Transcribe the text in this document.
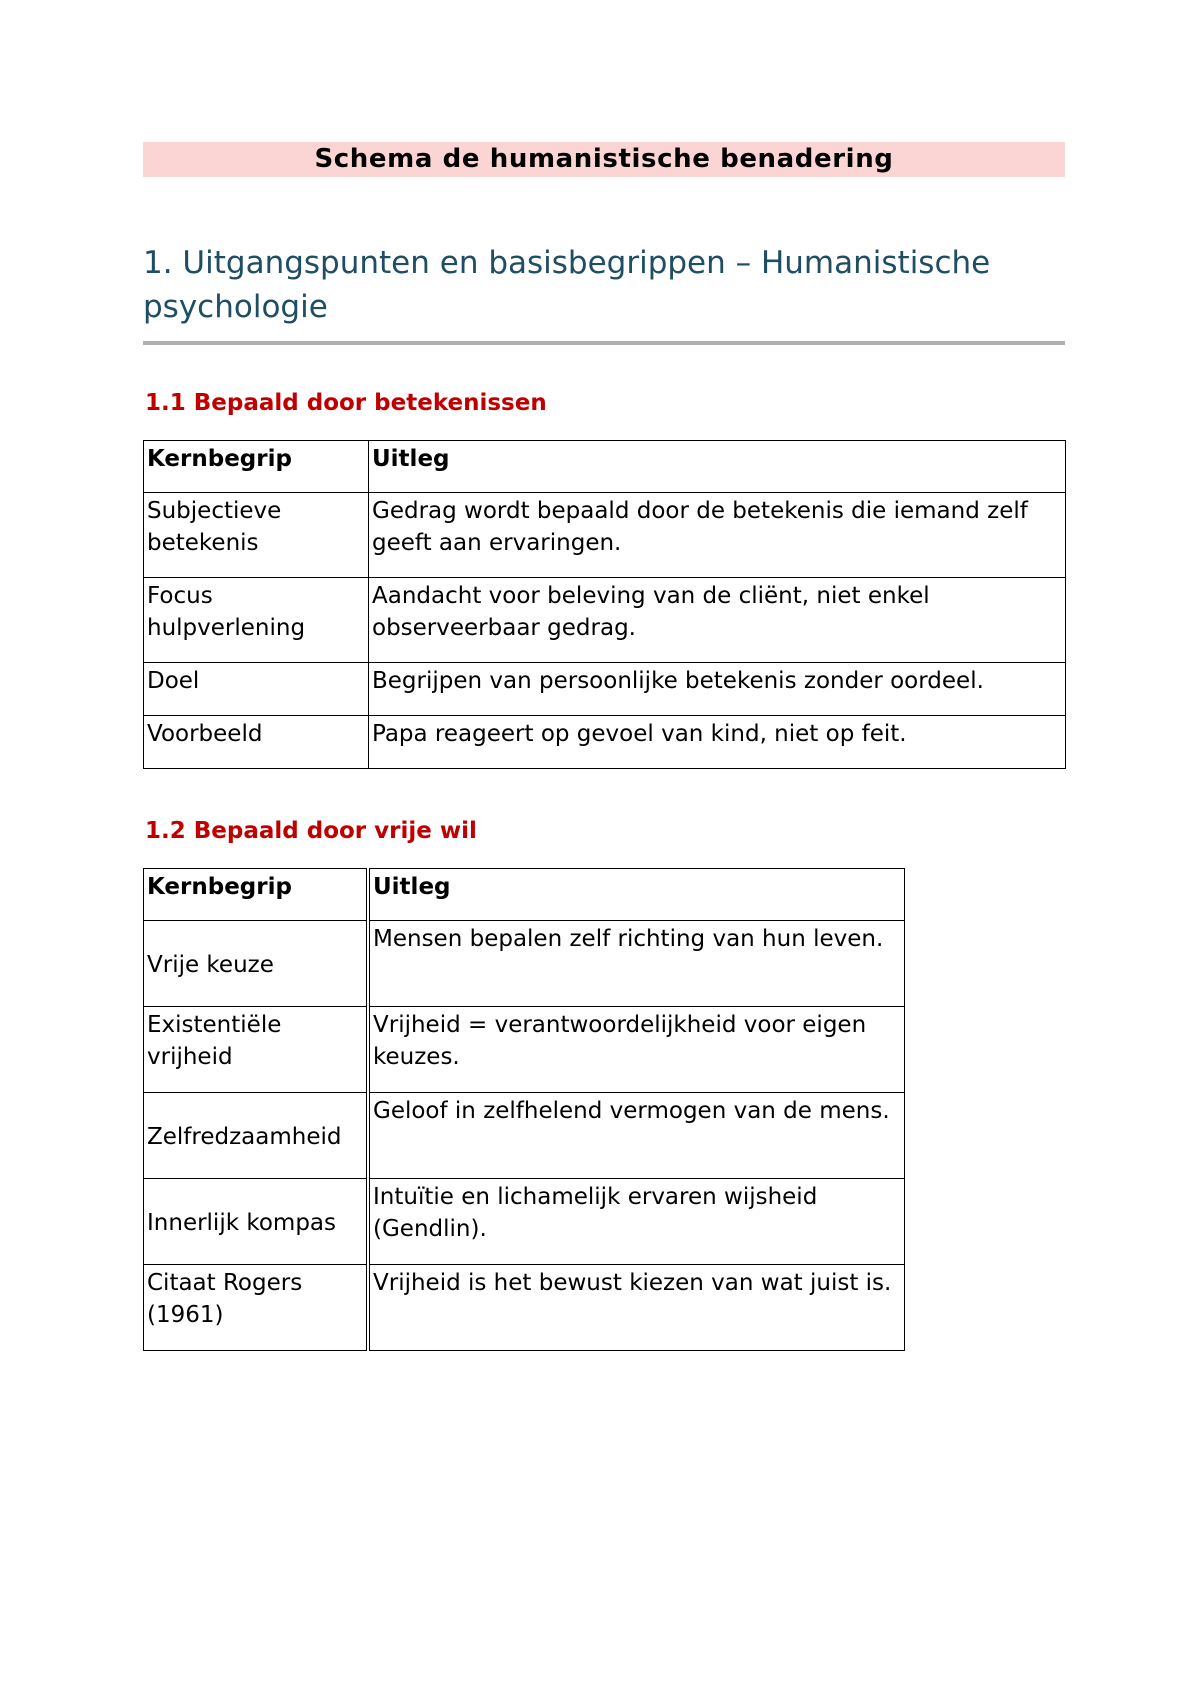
Schema de humanistische benadering
1. Uitgangspunten en basisbegrippen – Humanistische psychologie
1.1 Bepaald door betekenissen
Kernbegrip	Uitleg
Subjectieve betekenis	Gedrag wordt bepaald door de betekenis die iemand zelf geeft aan ervaringen.
Focus hulpverlening	Aandacht voor beleving van de cliënt, niet enkel observeerbaar gedrag.
Doel	Begrijpen van persoonlijke betekenis zonder oordeel.
Voorbeeld	Papa reageert op gevoel van kind, niet op feit.
1.2 Bepaald door vrije wil
Kernbegrip	Uitleg
Vrije keuze	Mensen bepalen zelf richting van hun leven.
Existentiële vrijheid	Vrijheid = verantwoordelijkheid voor eigen keuzes.
Zelfredzaamheid	Geloof in zelfhelend vermogen van de mens.
Innerlijk kompas	Intuïtie en lichamelijk ervaren wijsheid (Gendlin).
Citaat Rogers (1961)	Vrijheid is het bewust kiezen van wat juist is.
